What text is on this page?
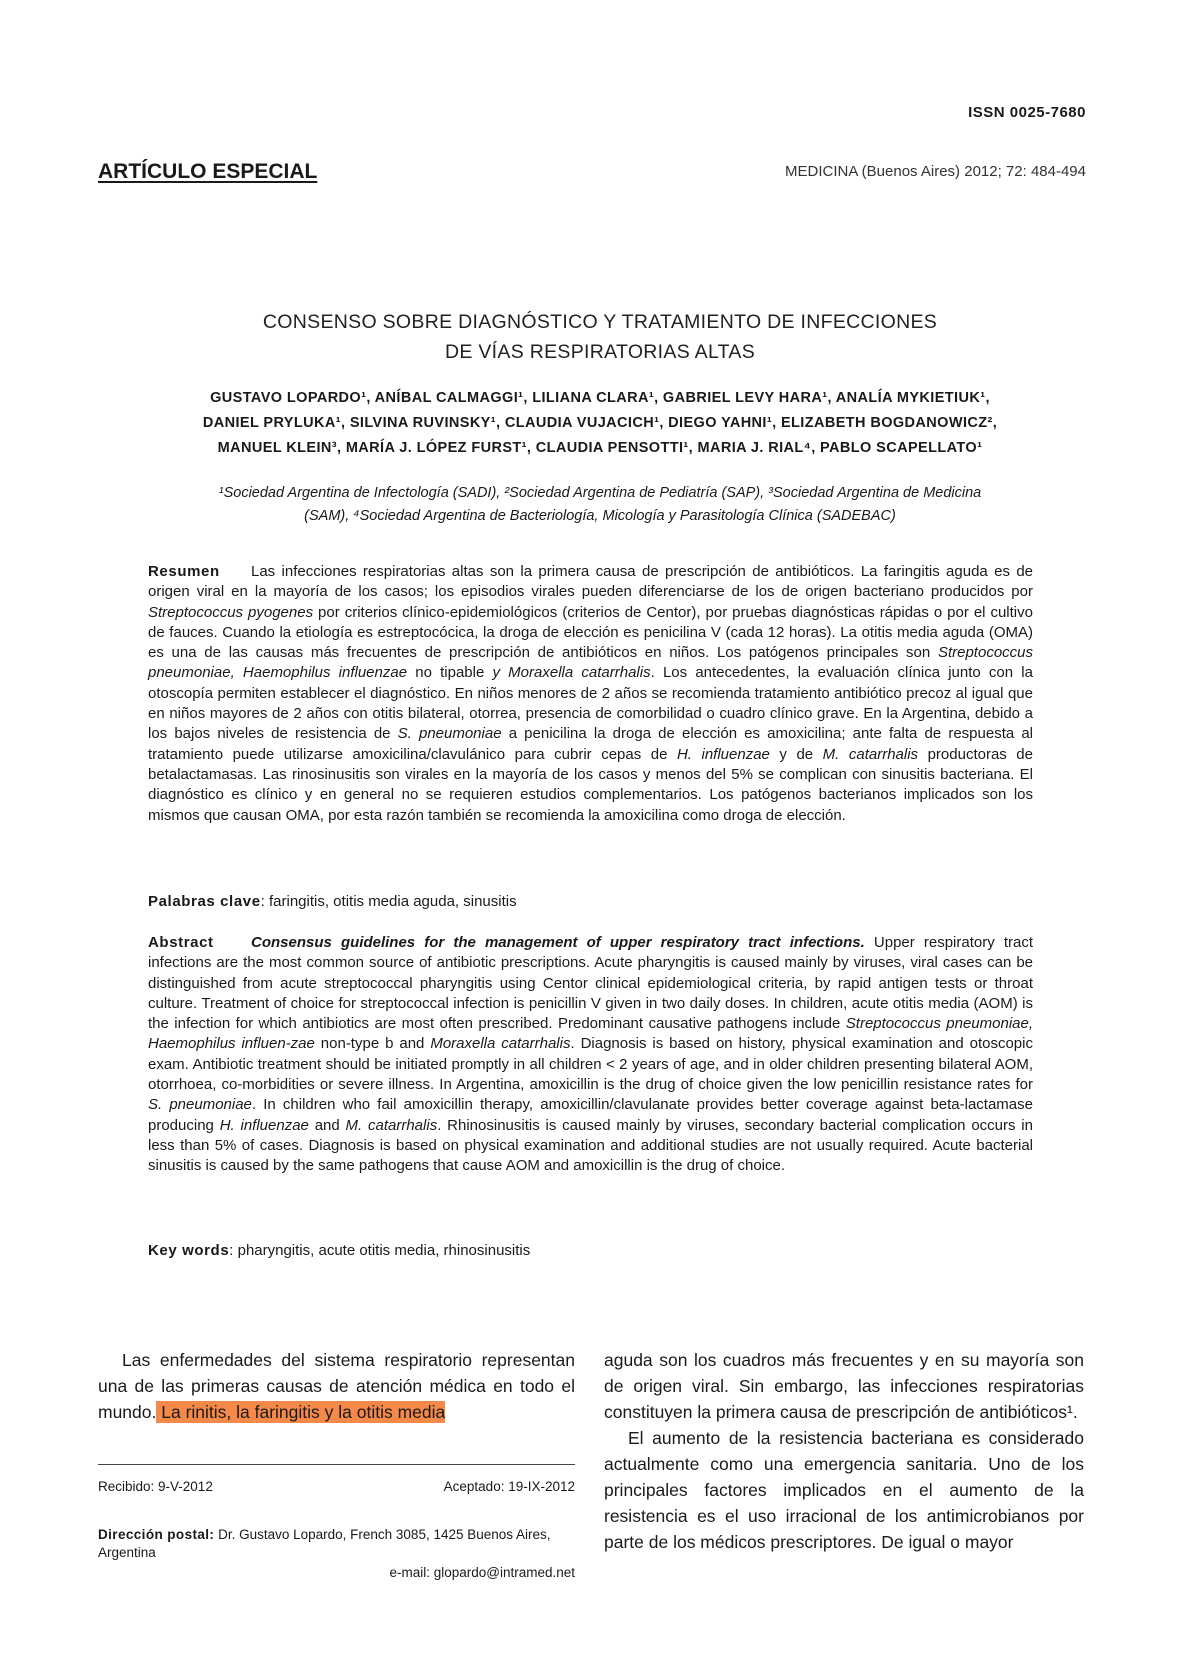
ISSN 0025-7680
ARTÍCULO ESPECIAL	MEDICINA (Buenos Aires) 2012; 72: 484-494
CONSENSO SOBRE DIAGNÓSTICO Y TRATAMIENTO DE INFECCIONES
DE VÍAS RESPIRATORIAS ALTAS
GUSTAVO LOPARDO¹, ANÍBAL CALMAGGI¹, LILIANA CLARA¹, GABRIEL LEVY HARA¹, ANALÍA MYKIETIUK¹,
DANIEL PRYLUKA¹, SILVINA RUVINSKY¹, CLAUDIA VUJACICH¹, DIEGO YAHNI¹, ELIZABETH BOGDANOWICZ²,
MANUEL KLEIN³, MARÍA J. LÓPEZ FURST¹, CLAUDIA PENSOTTI¹, MARIA J. RIAL⁴, PABLO SCAPELLATO¹
¹Sociedad Argentina de Infectología (SADI), ²Sociedad Argentina de Pediatría (SAP), ³Sociedad Argentina de Medicina
(SAM), ⁴Sociedad Argentina de Bacteriología, Micología y Parasitología Clínica (SADEBAC)
Resumen Las infecciones respiratorias altas son la primera causa de prescripción de antibióticos. La faringitis aguda es de origen viral en la mayoría de los casos; los episodios virales pueden diferenciarse de los de origen bacteriano producidos por Streptococcus pyogenes por criterios clínico-epidemiológicos (criterios de Centor), por pruebas diagnósticas rápidas o por el cultivo de fauces. Cuando la etiología es estreptocócica, la droga de elección es penicilina V (cada 12 horas). La otitis media aguda (OMA) es una de las causas más frecuentes de prescripción de antibióticos en niños. Los patógenos principales son Streptococcus pneumoniae, Haemophilus influenzae no tipable y Moraxella catarrhalis. Los antecedentes, la evaluación clínica junto con la otoscopía permiten establecer el diagnóstico. En niños menores de 2 años se recomienda tratamiento antibiótico precoz al igual que en niños mayores de 2 años con otitis bilateral, otorrea, presencia de comorbilidad o cuadro clínico grave. En la Argentina, debido a los bajos niveles de resistencia de S. pneumoniae a penicilina la droga de elección es amoxicilina; ante falta de respuesta al tratamiento puede utilizarse amoxicilina/clavulánico para cubrir cepas de H. influenzae y de M. catarrhalis productoras de betalactamasas. Las rinosinusitis son virales en la mayoría de los casos y menos del 5% se complican con sinusitis bacteriana. El diagnóstico es clínico y en general no se requieren estudios complementarios. Los patógenos bacterianos implicados son los mismos que causan OMA, por esta razón también se recomienda la amoxicilina como droga de elección.
Palabras clave: faringitis, otitis media aguda, sinusitis
Abstract Consensus guidelines for the management of upper respiratory tract infections. Upper respiratory tract infections are the most common source of antibiotic prescriptions. Acute pharyngitis is caused mainly by viruses, viral cases can be distinguished from acute streptococcal pharyngitis using Centor clinical epidemiological criteria, by rapid antigen tests or throat culture. Treatment of choice for streptococcal infection is penicillin V given in two daily doses. In children, acute otitis media (AOM) is the infection for which antibiotics are most often prescribed. Predominant causative pathogens include Streptococcus pneumoniae, Haemophilus influen-zae non-type b and Moraxella catarrhalis. Diagnosis is based on history, physical examination and otoscopic exam. Antibiotic treatment should be initiated promptly in all children < 2 years of age, and in older children presenting bilateral AOM, otorrhoea, co-morbidities or severe illness. In Argentina, amoxicillin is the drug of choice given the low penicillin resistance rates for S. pneumoniae. In children who fail amoxicillin therapy, amoxicillin/clavulanate provides better coverage against beta-lactamase producing H. influenzae and M. catarrhalis. Rhinosinusitis is caused mainly by viruses, secondary bacterial complication occurs in less than 5% of cases. Diagnosis is based on physical examination and additional studies are not usually required. Acute bacterial sinusitis is caused by the same pathogens that cause AOM and amoxicillin is the drug of choice.
Key words: pharyngitis, acute otitis media, rhinosinusitis

Las enfermedades del sistema respiratorio representan una de las primeras causas de atención médica en todo el mundo. La rinitis, la faringitis y la otitis media

Recibido: 9-V-2012	Aceptado: 19-IX-2012
Dirección postal: Dr. Gustavo Lopardo, French 3085, 1425 Buenos Aires, Argentina
e-mail: glopardo@intramed.net

aguda son los cuadros más frecuentes y en su mayoría son de origen viral. Sin embargo, las infecciones respiratorias constituyen la primera causa de prescripción de antibióticos¹.

El aumento de la resistencia bacteriana es considerado actualmente como una emergencia sanitaria. Uno de los principales factores implicados en el aumento de la resistencia es el uso irracional de los antimicrobianos por parte de los médicos prescriptores. De igual o mayor
